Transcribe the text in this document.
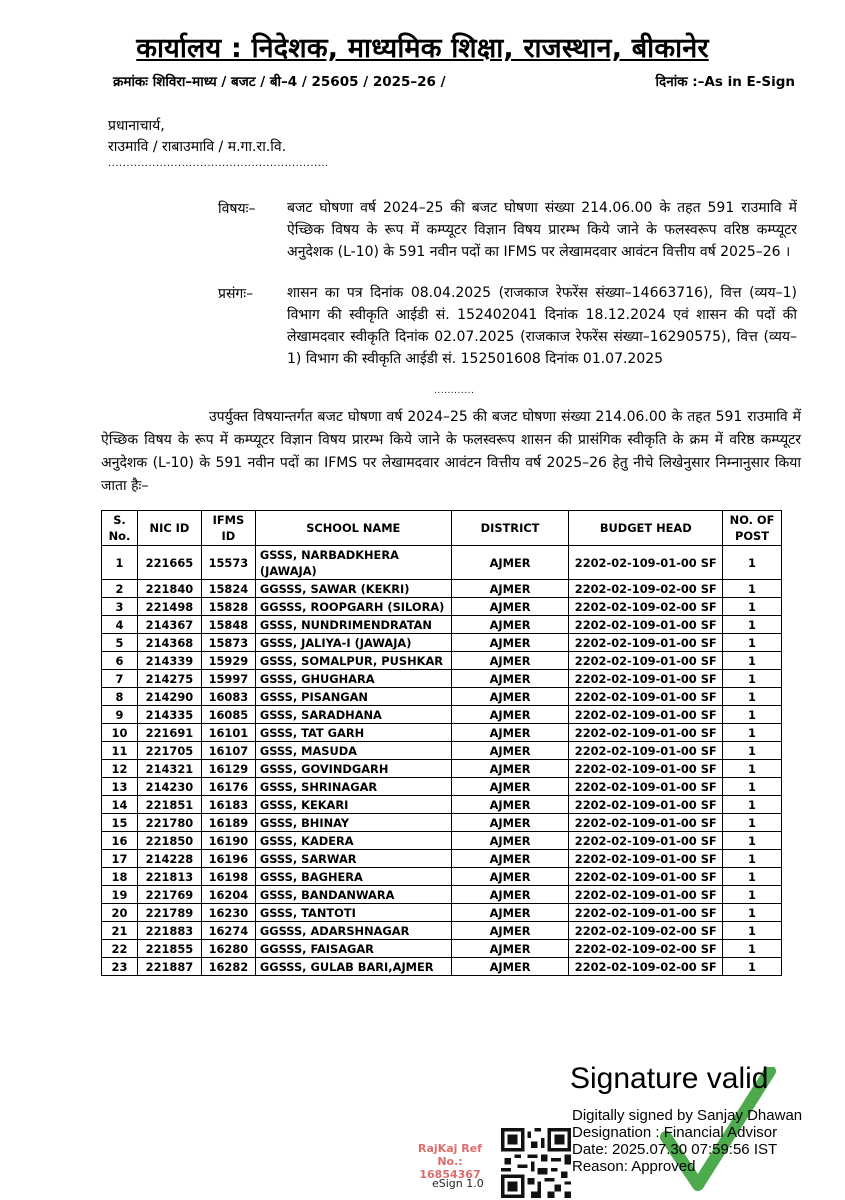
कार्यालय : निदेशक, माध्यमिक शिक्षा, राजस्थान, बीकानेर
क्रमांकः शिविरा–माध्य / बजट / बी–4 / 25605 / 2025–26 /	दिनांक :–As in E-Sign
प्रधानाचार्य,
राउमावि / राबाउमावि / म.गा.रा.वि.
............................................................
विषयः– बजट घोषणा वर्ष 2024–25 की बजट घोषणा संख्या 214.06.00 के तहत 591 राउमावि में ऐच्छिक विषय के रूप में कम्प्यूटर विज्ञान विषय प्रारम्भ किये जाने के फलस्वरूप वरिष्ठ कम्प्यूटर अनुदेशक (L-10) के 591 नवीन पदों का IFMS पर लेखामदवार आवंटन वित्तीय वर्ष 2025–26 ।
प्रसंगः– शासन का पत्र दिनांक 08.04.2025 (राजकाज रेफरेंस संख्या–14663716), वित्त (व्यय–1) विभाग की स्वीकृति आईडी सं. 152402041 दिनांक 18.12.2024 एवं शासन की पदों की लेखामदवार स्वीकृति दिनांक 02.07.2025 (राजकाज रेफरेंस संख्या–16290575), वित्त (व्यय–1) विभाग की स्वीकृति आईडी सं. 152501608 दिनांक 01.07.2025
............
उपर्युक्त विषयान्तर्गत बजट घोषणा वर्ष 2024–25 की बजट घोषणा संख्या 214.06.00 के तहत 591 राउमावि में ऐच्छिक विषय के रूप में कम्प्यूटर विज्ञान विषय प्रारम्भ किये जाने के फलस्वरूप शासन की प्रासंगिक स्वीकृति के क्रम में वरिष्ठ कम्प्यूटर अनुदेशक (L-10) के 591 नवीन पदों का IFMS पर लेखामदवार आवंटन वित्तीय वर्ष 2025–26 हेतु नीचे लिखेनुसार निम्नानुसार किया जाता हैः–
S. No.	NIC ID	IFMS ID	SCHOOL NAME	DISTRICT	BUDGET HEAD	NO. OF POST
1	221665	15573	GSSS, NARBADKHERA (JAWAJA)	AJMER	2202-02-109-01-00 SF	1
2	221840	15824	GGSSS, SAWAR (KEKRI)	AJMER	2202-02-109-02-00 SF	1
3	221498	15828	GGSSS, ROOPGARH (SILORA)	AJMER	2202-02-109-02-00 SF	1
4	214367	15848	GSSS, NUNDRIMENDRATAN	AJMER	2202-02-109-01-00 SF	1
5	214368	15873	GSSS, JALIYA-I (JAWAJA)	AJMER	2202-02-109-01-00 SF	1
6	214339	15929	GSSS, SOMALPUR, PUSHKAR	AJMER	2202-02-109-01-00 SF	1
7	214275	15997	GSSS, GHUGHARA	AJMER	2202-02-109-01-00 SF	1
8	214290	16083	GSSS, PISANGAN	AJMER	2202-02-109-01-00 SF	1
9	214335	16085	GSSS, SARADHANA	AJMER	2202-02-109-01-00 SF	1
10	221691	16101	GSSS, TAT GARH	AJMER	2202-02-109-01-00 SF	1
11	221705	16107	GSSS, MASUDA	AJMER	2202-02-109-01-00 SF	1
12	214321	16129	GSSS, GOVINDGARH	AJMER	2202-02-109-01-00 SF	1
13	214230	16176	GSSS, SHRINAGAR	AJMER	2202-02-109-01-00 SF	1
14	221851	16183	GSSS, KEKARI	AJMER	2202-02-109-01-00 SF	1
15	221780	16189	GSSS, BHINAY	AJMER	2202-02-109-01-00 SF	1
16	221850	16190	GSSS, KADERA	AJMER	2202-02-109-01-00 SF	1
17	214228	16196	GSSS, SARWAR	AJMER	2202-02-109-01-00 SF	1
18	221813	16198	GSSS, BAGHERA	AJMER	2202-02-109-01-00 SF	1
19	221769	16204	GSSS, BANDANWARA	AJMER	2202-02-109-01-00 SF	1
20	221789	16230	GSSS, TANTOTI	AJMER	2202-02-109-01-00 SF	1
21	221883	16274	GGSSS, ADARSHNAGAR	AJMER	2202-02-109-02-00 SF	1
22	221855	16280	GGSSS, FAISAGAR	AJMER	2202-02-109-02-00 SF	1
23	221887	16282	GGSSS, GULAB BARI,AJMER	AJMER	2202-02-109-02-00 SF	1
Signature valid
Digitally signed by Sanjay Dhawan
Designation : Financial Advisor
Date: 2025.07.30 07:59:56 IST
Reason: Approved
RajKaj Ref No.:
16854367
eSign 1.0
